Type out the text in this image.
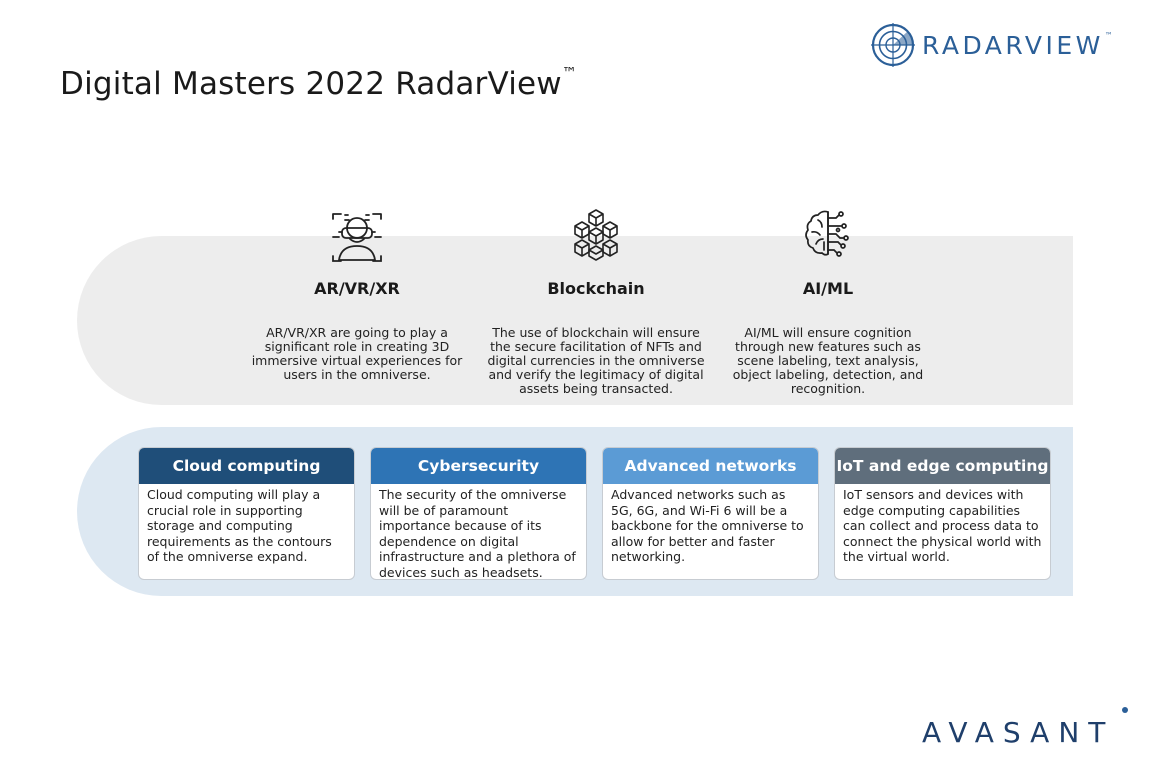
Digital Masters 2022 RadarView™
RADARVIEW ™
AR/VR/XR

AR/VR/XR are going to play a significant role in creating 3D immersive virtual experiences for users in the omniverse.

Blockchain

The use of blockchain will ensure the secure facilitation of NFTs and digital currencies in the omniverse and verify the legitimacy of digital assets being transacted.

AI/ML

AI/ML will ensure cognition through new features such as scene labeling, text analysis, object labeling, detection, and recognition.

Cloud computing

Cloud computing will play a crucial role in supporting storage and computing requirements as the contours of the omniverse expand.

Cybersecurity

The security of the omniverse will be of paramount importance because of its dependence on digital infrastructure and a plethora of devices such as headsets.

Advanced networks

Advanced networks such as 5G, 6G, and Wi-Fi 6 will be a backbone for the omniverse to allow for better and faster networking.

IoT and edge computing

IoT sensors and devices with edge computing capabilities can collect and process data to connect the physical world with the virtual world.

AVASANT
